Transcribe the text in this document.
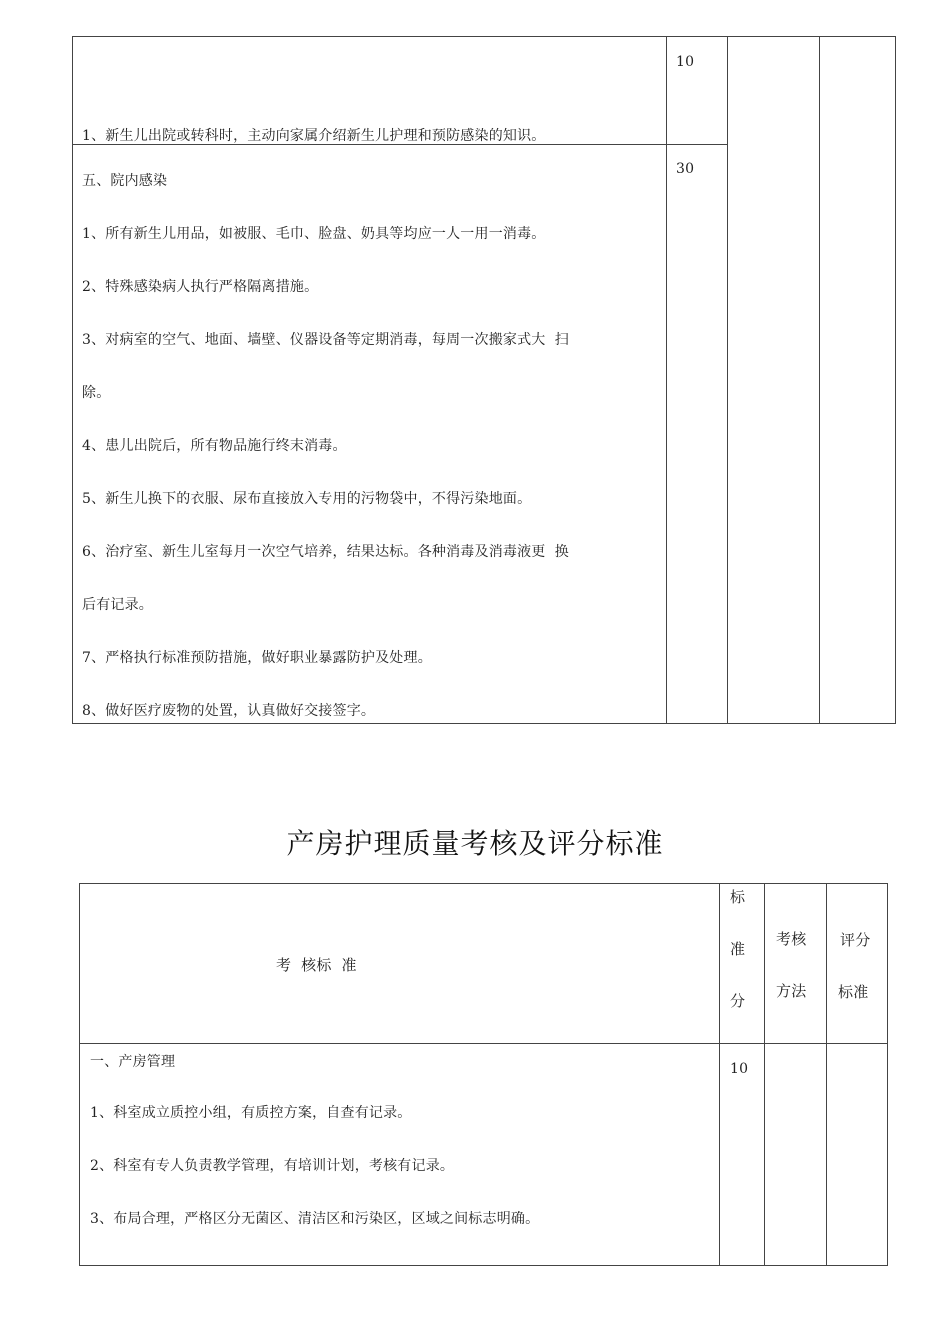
1、新生儿出院或转科时，主动向家属介绍新生儿护理和预防感染的知识。
10
五、院内感染
1、所有新生儿用品，如被服、毛巾、脸盘、奶具等均应一人一用一消毒。
2、特殊感染病人执行严格隔离措施。
3、对病室的空气、地面、墙壁、仪器设备等定期消毒，每周一次搬家式大  扫
除。
4、患儿出院后，所有物品施行终末消毒。
5、新生儿换下的衣服、尿布直接放入专用的污物袋中，不得污染地面。
6、治疗室、新生儿室每月一次空气培养，结果达标。各种消毒及消毒液更  换
后有记录。
7、严格执行标准预防措施，做好职业暴露防护及处理。
8、做好医疗废物的处置，认真做好交接签字。
30
产房护理质量考核及评分标准
考  核标  准
标
准
分
考核
方法
评分
标准
一、产房管理
1、科室成立质控小组，有质控方案，自查有记录。
2、科室有专人负责教学管理，有培训计划，考核有记录。
3、布局合理，严格区分无菌区、清洁区和污染区，区域之间标志明确。
10
